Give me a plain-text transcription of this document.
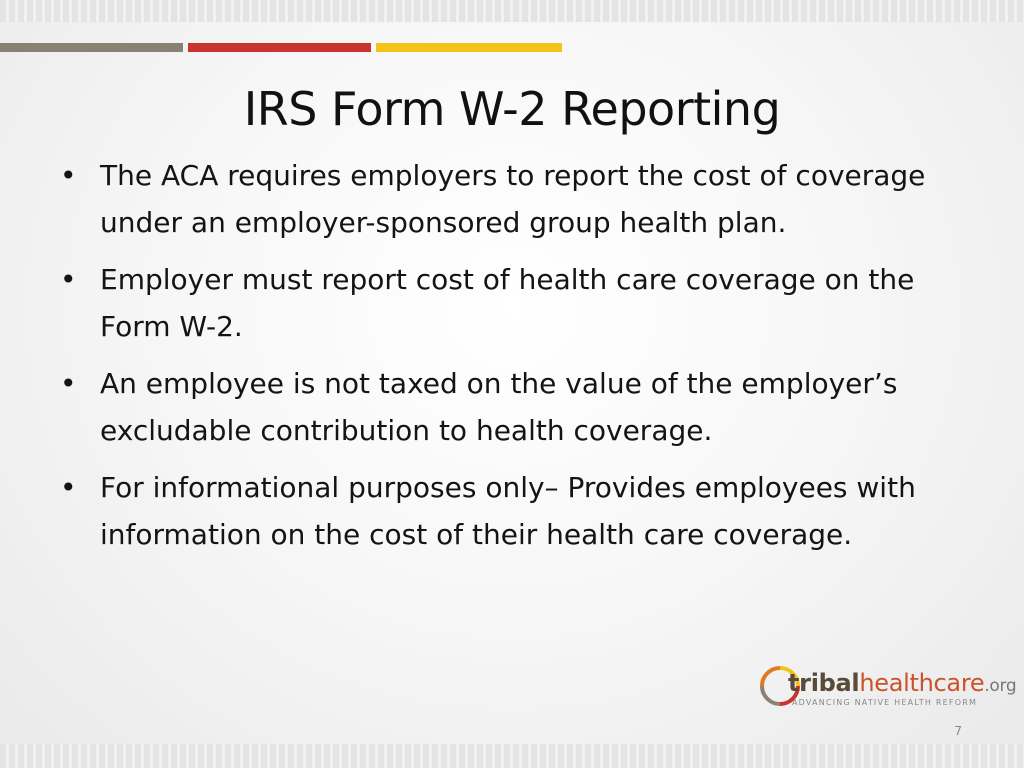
IRS Form W-2 Reporting
• The ACA requires employers to report the cost of coverage under an employer-sponsored group health plan.
• Employer must report cost of health care coverage on the Form W-2.
• An employee is not taxed on the value of the employer’s excludable contribution to health coverage.
• For informational purposes only– Provides employees with information on the cost of their health care coverage.
tribalhealthcare.org
ADVANCING NATIVE HEALTH REFORM
7
